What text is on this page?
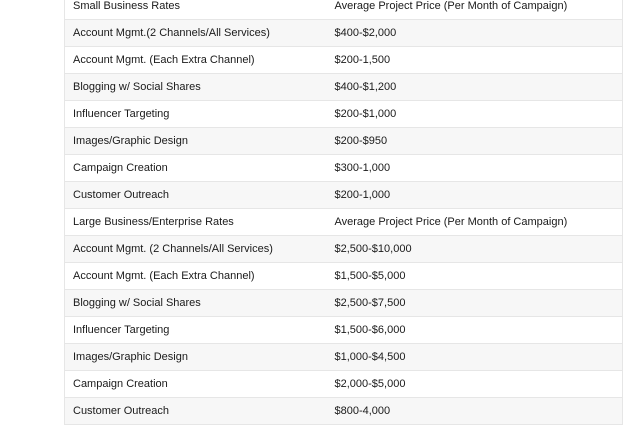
Small Business Rates	Average Project Price (Per Month of Campaign)
Account Mgmt.(2 Channels/All Services)	$400-$2,000
Account Mgmt. (Each Extra Channel)	$200-1,500
Blogging w/ Social Shares	$400-$1,200
Influencer Targeting	$200-$1,000
Images/Graphic Design	$200-$950
Campaign Creation	$300-1,000
Customer Outreach	$200-1,000
Large Business/Enterprise Rates	Average Project Price (Per Month of Campaign)
Account Mgmt. (2 Channels/All Services)	$2,500-$10,000
Account Mgmt. (Each Extra Channel)	$1,500-$5,000
Blogging w/ Social Shares	$2,500-$7,500
Influencer Targeting	$1,500-$6,000
Images/Graphic Design	$1,000-$4,500
Campaign Creation	$2,000-$5,000
Customer Outreach	$800-4,000
